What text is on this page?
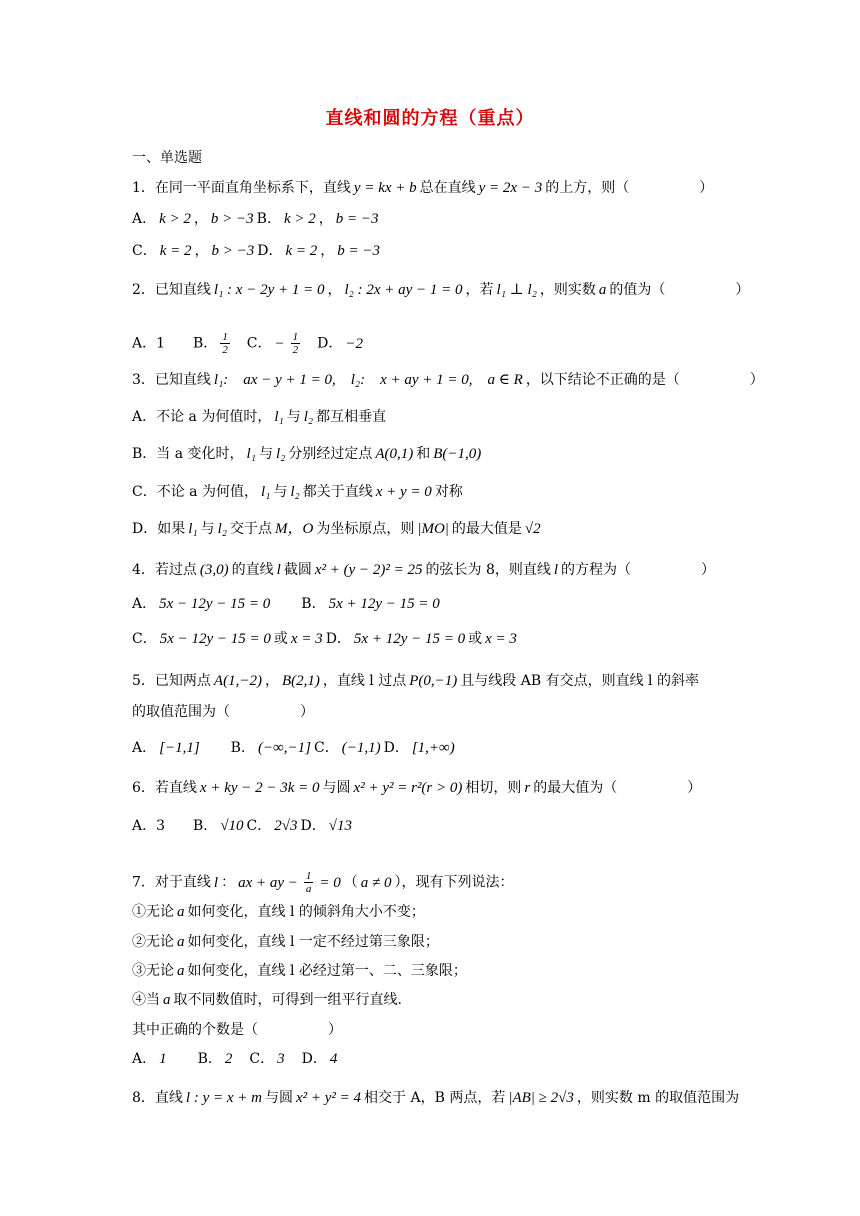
直线和圆的方程（重点）
一、单选题
1．在同一平面直角坐标系下，直线 y = kx + b 总在直线 y = 2x − 3 的上方，则（　　　　　）
A． k > 2 ， b > −3 B． k > 2 ， b = −3
C． k = 2 ， b > −3 D． k = 2 ， b = −3
2．已知直线 l₁ : x − 2y + 1 = 0 ， l₂ : 2x + ay − 1 = 0 ，若 l₁ ⊥ l₂ ，则实数 a 的值为（　　　　　）
A．1　　B． $\frac{1}{2}$ 　C． − $\frac{1}{2}$ 　D． −2
3．已知直线 l₁:　ax − y + 1 = 0,　l₂:　x + ay + 1 = 0,　a ∈ R ，以下结论不正确的是（　　　　　）
A．不论 a 为何值时， l₁ 与 l₂ 都互相垂直
B．当 a 变化时， l₁ 与 l₂ 分别经过定点 A(0,1) 和 B(−1,0)
C．不论 a 为何值， l₁ 与 l₂ 都关于直线 x + y = 0 对称
D．如果 l₁ 与 l₂ 交于点 M，O 为坐标原点，则 |MO| 的最大值是 √2
4．若过点 (3,0) 的直线 l 截圆 x² + (y − 2)² = 25 的弦长为 8，则直线 l 的方程为（　　　　　）
A． 5x − 12y − 15 = 0　　B． 5x + 12y − 15 = 0
C． 5x − 12y − 15 = 0 或 x = 3 D． 5x + 12y − 15 = 0 或 x = 3
5．已知两点 A(1,−2) ， B(2,1) ，直线 l 过点 P(0,−1) 且与线段 AB 有交点，则直线 l 的斜率
的取值范围为（　　　　　）
A． [−1,1]　　B． (−∞,−1] C． (−1,1) D． [1,+∞)
6．若直线 x + ky − 2 − 3k = 0 与圆 x² + y² = r²(r > 0) 相切，则 r 的最大值为（　　　　　）
A．3　　B． √10 C． 2√3 D． √13
7．对于直线 l ： ax + ay − $\frac{1}{a} = 0$ （ a ≠ 0 ），现有下列说法：
①无论 a 如何变化，直线 l 的倾斜角大小不变；
②无论 a 如何变化，直线 l 一定不经过第三象限；
③无论 a 如何变化，直线 l 必经过第一、二、三象限；
④当 a 取不同数值时，可得到一组平行直线.
其中正确的个数是（　　　　　）
A． 1　　B． 2　C． 3　D． 4
8．直线 l : y = x + m 与圆 x² + y² = 4 相交于 A，B 两点，若 |AB| ≥ 2√3 ，则实数 m 的取值范围为
